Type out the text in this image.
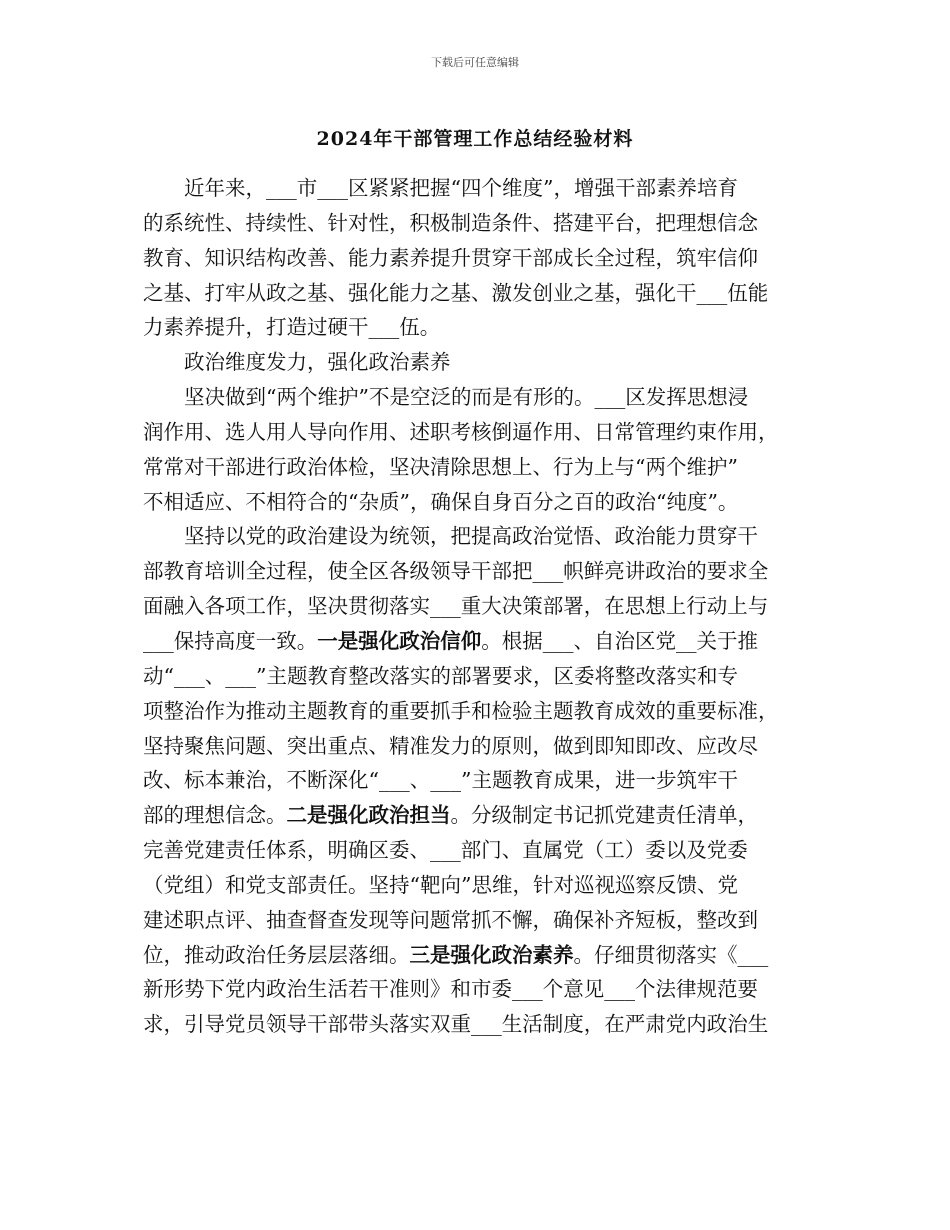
下载后可任意编辑
2024年干部管理工作总结经验材料
　　近年来，___市___区紧紧把握“四个维度”，增强干部素养培育
的系统性、持续性、针对性，积极制造条件、搭建平台，把理想信念
教育、知识结构改善、能力素养提升贯穿干部成长全过程，筑牢信仰
之基、打牢从政之基、强化能力之基、激发创业之基，强化干___伍能
力素养提升，打造过硬干___伍。
　　政治维度发力，强化政治素养
　　坚决做到“两个维护”不是空泛的而是有形的。___区发挥思想浸
润作用、选人用人导向作用、述职考核倒逼作用、日常管理约束作用，
常常对干部进行政治体检，坚决清除思想上、行为上与“两个维护”
不相适应、不相符合的“杂质”，确保自身百分之百的政治“纯度”。
　　坚持以党的政治建设为统领，把提高政治觉悟、政治能力贯穿干
部教育培训全过程，使全区各级领导干部把___帜鲜亮讲政治的要求全
面融入各项工作，坚决贯彻落实___重大决策部署，在思想上行动上与
___保持高度一致。一是强化政治信仰。根据___、自治区党__关于推
动“___、___”主题教育整改落实的部署要求，区委将整改落实和专
项整治作为推动主题教育的重要抓手和检验主题教育成效的重要标准，
坚持聚焦问题、突出重点、精准发力的原则，做到即知即改、应改尽
改、标本兼治，不断深化“___、___”主题教育成果，进一步筑牢干
部的理想信念。二是强化政治担当。分级制定书记抓党建责任清单，
完善党建责任体系，明确区委、___部门、直属党（工）委以及党委
（党组）和党支部责任。坚持“靶向”思维，针对巡视巡察反馈、党
建述职点评、抽查督查发现等问题常抓不懈，确保补齐短板，整改到
位，推动政治任务层层落细。三是强化政治素养。仔细贯彻落实《___
新形势下党内政治生活若干准则》和市委___个意见___个法律规范要
求，引导党员领导干部带头落实双重___生活制度，在严肃党内政治生
